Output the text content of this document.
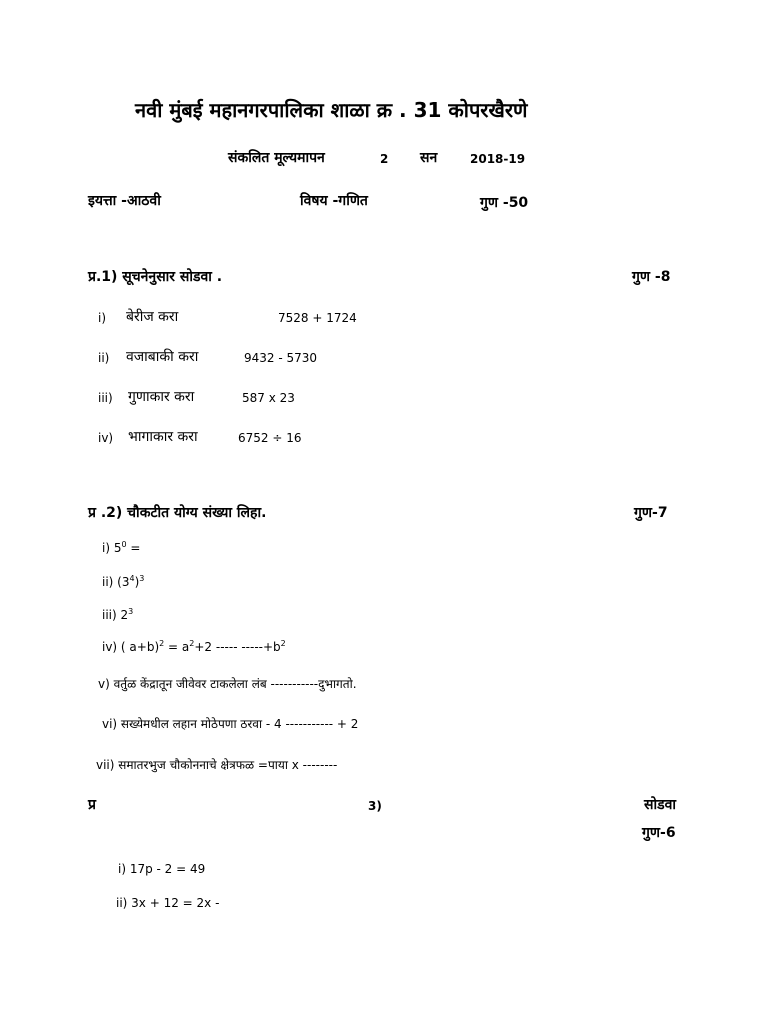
नवी मुंबई महानगरपालिका शाळा क्र . 31 कोपरखैरणे
संकलित मूल्यमापन	2 सन	2018-19
इयत्ता -आठवी	विषय -गणित	गुण -50
प्र.1) सूचनेनुसार सोडवा .	गुण -8
i) बेरीज करा	7528 + 1724
ii) वजाबाकी करा	9432 - 5730
iii) गुणाकार करा	587 x 23
iv) भागाकार करा	6752 ÷ 16
प्र .2) चौकटीत योग्य संख्या लिहा.	गुण-7
i) $5^0$ =
ii) $(3^4)^3$
iii) $2^3$
iv) ( $a+b)^2 = a^2+2$ ----- $-----+b^2$
v) वर्तुळ केंद्रातून जीवेवर टाकलेला लंब -----------दुभागतो.
vi) सख्येमधील लहान मोठेपणा ठरवा - 4 ----------- + 2
vii) समातरभुज चौकोननाचे क्षेत्रफळ =पाया x --------
प्र	3)	सोडवा
गुण-6
i) 17p - 2 = 49
ii) 3x + 12 = 2x -
